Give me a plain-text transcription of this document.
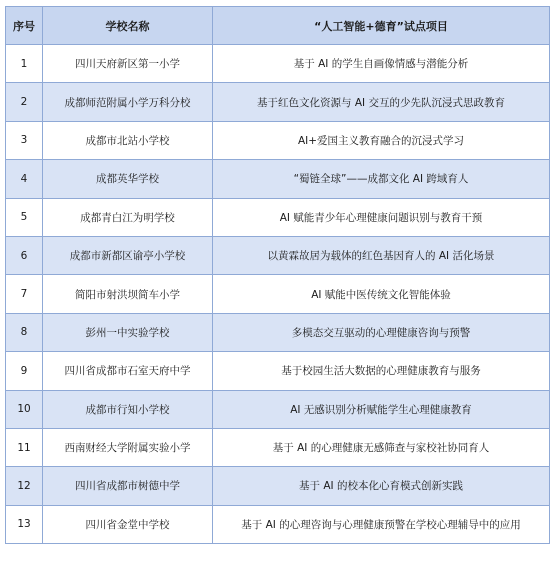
序号	学校名称	“人工智能+德育”试点项目
1	四川天府新区第一小学	基于 AI 的学生自画像情感与潜能分析
2	成都师范附属小学万科分校	基于红色文化资源与 AI 交互的少先队沉浸式思政教育
3	成都市北站小学校	AI+爱国主义教育融合的沉浸式学习
4	成都英华学校	“蜀链全球”——成都文化 AI 跨域育人
5	成都青白江为明学校	AI 赋能青少年心理健康问题识别与教育干预
6	成都市新都区谕亭小学校	以黄霖故居为载体的红色基因育人的 AI 活化场景
7	简阳市射洪坝简车小学	AI 赋能中医传统文化智能体验
8	彭州一中实验学校	多模态交互驱动的心理健康咨询与预警
9	四川省成都市石室天府中学	基于校园生活大数据的心理健康教育与服务
10	成都市行知小学校	AI 无感识别分析赋能学生心理健康教育
11	西南财经大学附属实验小学	基于 AI 的心理健康无感筛查与家校社协同育人
12	四川省成都市树德中学	基于 AI 的校本化心育模式创新实践
13	四川省金堂中学校	基于 AI 的心理咨询与心理健康预警在学校心理辅导中的应用
